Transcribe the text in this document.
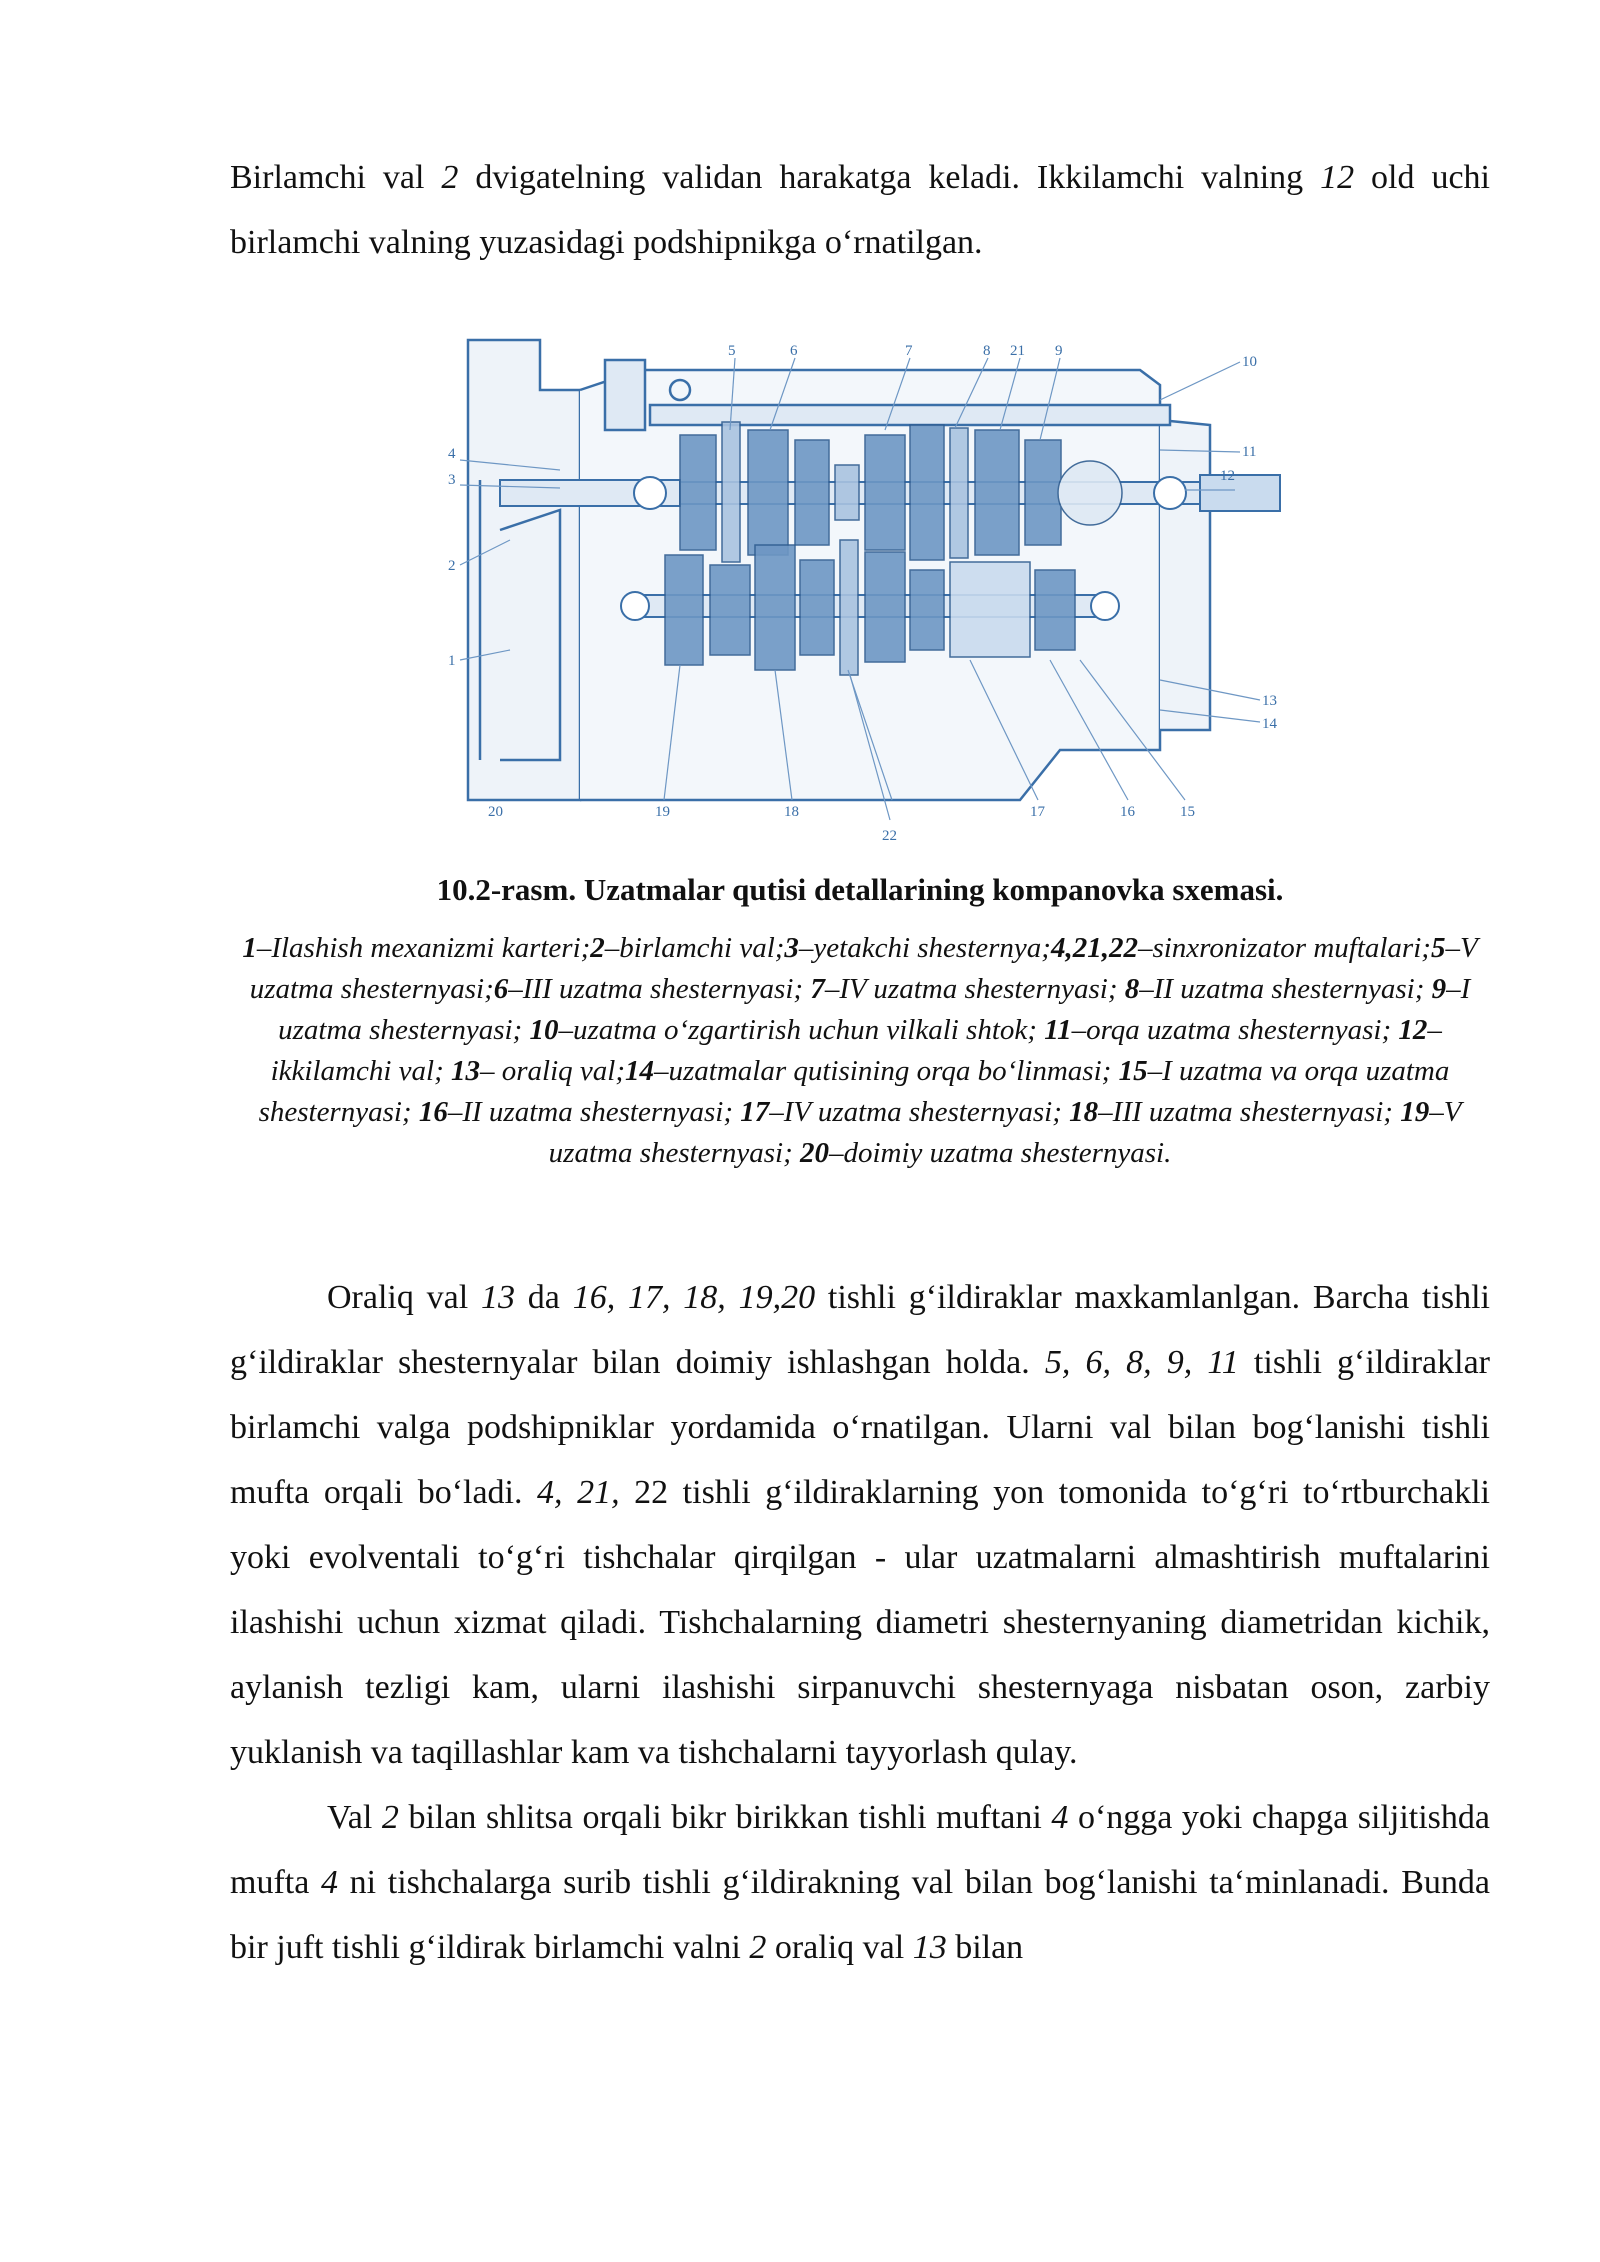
Birlamchi val 2 dvigatelning validan harakatga keladi. Ikkilamchi valning 12 old uchi birlamchi valning yuzasidagi podshipnikga o‘rnatilgan.

4
3
2
1
5	6	7	8 21 9
10
11
12
13
14
15
16
17
22
18
19
20

10.2-rasm. Uzatmalar qutisi detallarining kompanovka sxemasi.

1–Ilashish mexanizmi karteri;2–birlamchi val;3–yetakchi shesternya;4,21,22–sinxronizator muftalari;5–V uzatma shesternyasi;6–III uzatma shesternyasi; 7–IV uzatma shesternyasi; 8–II uzatma shesternyasi; 9–I uzatma shesternyasi; 10–uzatma o‘zgartirish uchun vilkali shtok; 11–orqa uzatma shesternyasi; 12–ikkilamchi val; 13– oraliq val;14–uzatmalar qutisining orqa bo‘linmasi; 15–I uzatma va orqa uzatma shesternyasi; 16–II uzatma shesternyasi; 17–IV uzatma shesternyasi; 18–III uzatma shesternyasi; 19–V uzatma shesternyasi; 20–doimiy uzatma shesternyasi.

Oraliq val 13 da 16, 17, 18, 19,20 tishli g‘ildiraklar maxkamlanlgan. Barcha tishli g‘ildiraklar shesternyalar bilan doimiy ishlashgan holda. 5, 6, 8, 9, 11 tishli g‘ildiraklar birlamchi valga podshipniklar yordamida o‘rnatilgan. Ularni val bilan bog‘lanishi tishli mufta orqali bo‘ladi. 4, 21, 22 tishli g‘ildiraklarning yon tomonida to‘g‘ri to‘rtburchakli yoki evolventali to‘g‘ri tishchalar qirqilgan - ular uzatmalarni almashtirish muftalarini ilashishi uchun xizmat qiladi. Tishchalarning diametri shesternyaning diametridan kichik, aylanish tezligi kam, ularni ilashishi sirpanuvchi shesternyaga nisbatan oson, zarbiy yuklanish va taqillashlar kam va tishchalarni tayyorlash qulay.

Val 2 bilan shlitsa orqali bikr birikkan tishli muftani 4 o‘ngga yoki chapga siljitishda mufta 4 ni tishchalarga surib tishli g‘ildirakning val bilan bog‘lanishi ta‘minlanadi. Bunda bir juft tishli g‘ildirak birlamchi valni 2 oraliq val 13 bilan
